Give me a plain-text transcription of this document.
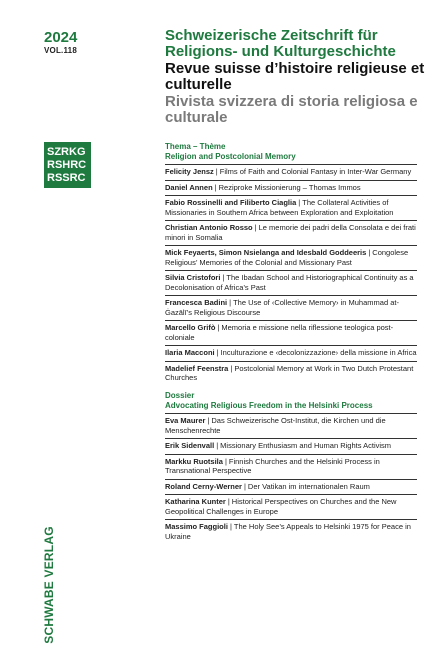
2024
VOL.118
Schweizerische Zeitschrift für Religions- und Kulturgeschichte
Revue suisse d’histoire religieuse et culturelle
Rivista svizzera di storia religiosa e culturale
SZRKG
RSHRC
RSSRC
Thema – Thème
Religion and Postcolonial Memory
Felicity Jensz | Films of Faith and Colonial Fantasy in Inter-War Germany
Daniel Annen | Reziproke Missionierung – Thomas Immos
Fabio Rossinelli and Filiberto Ciaglia | The Collateral Activities of Missionaries in Southern Africa between Exploration and Exploitation
Christian Antonio Rosso | Le memorie dei padri della Consolata e dei frati minori in Somalia
Mick Feyaerts, Simon Nsielanga and Idesbald Goddeeris | Congolese Religious’ Memories of the Colonial and Missionary Past
Silvia Cristofori | The Ibadan School and Historiographical Continuity as a Decolonisation of Africa’s Past
Francesca Badini | The Use of ‹Collective Memory› in Muhammad at-Ġazālī’s Religious Discourse
Marcello Grifò | Memoria e missione nella riflessione teologica post-coloniale
Ilaria Macconi | Inculturazione e ‹decolonizzazione› della missione in Africa
Madelief Feenstra | Postcolonial Memory at Work in Two Dutch Protestant Churches
Dossier
Advocating Religious Freedom in the Helsinki Process
Eva Maurer | Das Schweizerische Ost-Institut, die Kirchen und die Menschenrechte
Erik Sidenvall | Missionary Enthusiasm and Human Rights Activism
Markku Ruotsila | Finnish Churches and the Helsinki Process in Transnational Perspective
Roland Cerny-Werner | Der Vatikan im internationalen Raum
Katharina Kunter | Historical Perspectives on Churches and the New Geopolitical Challenges in Europe
Massimo Faggioli | The Holy See’s Appeals to Helsinki 1975 for Peace in Ukraine
SCHWABE VERLAG
